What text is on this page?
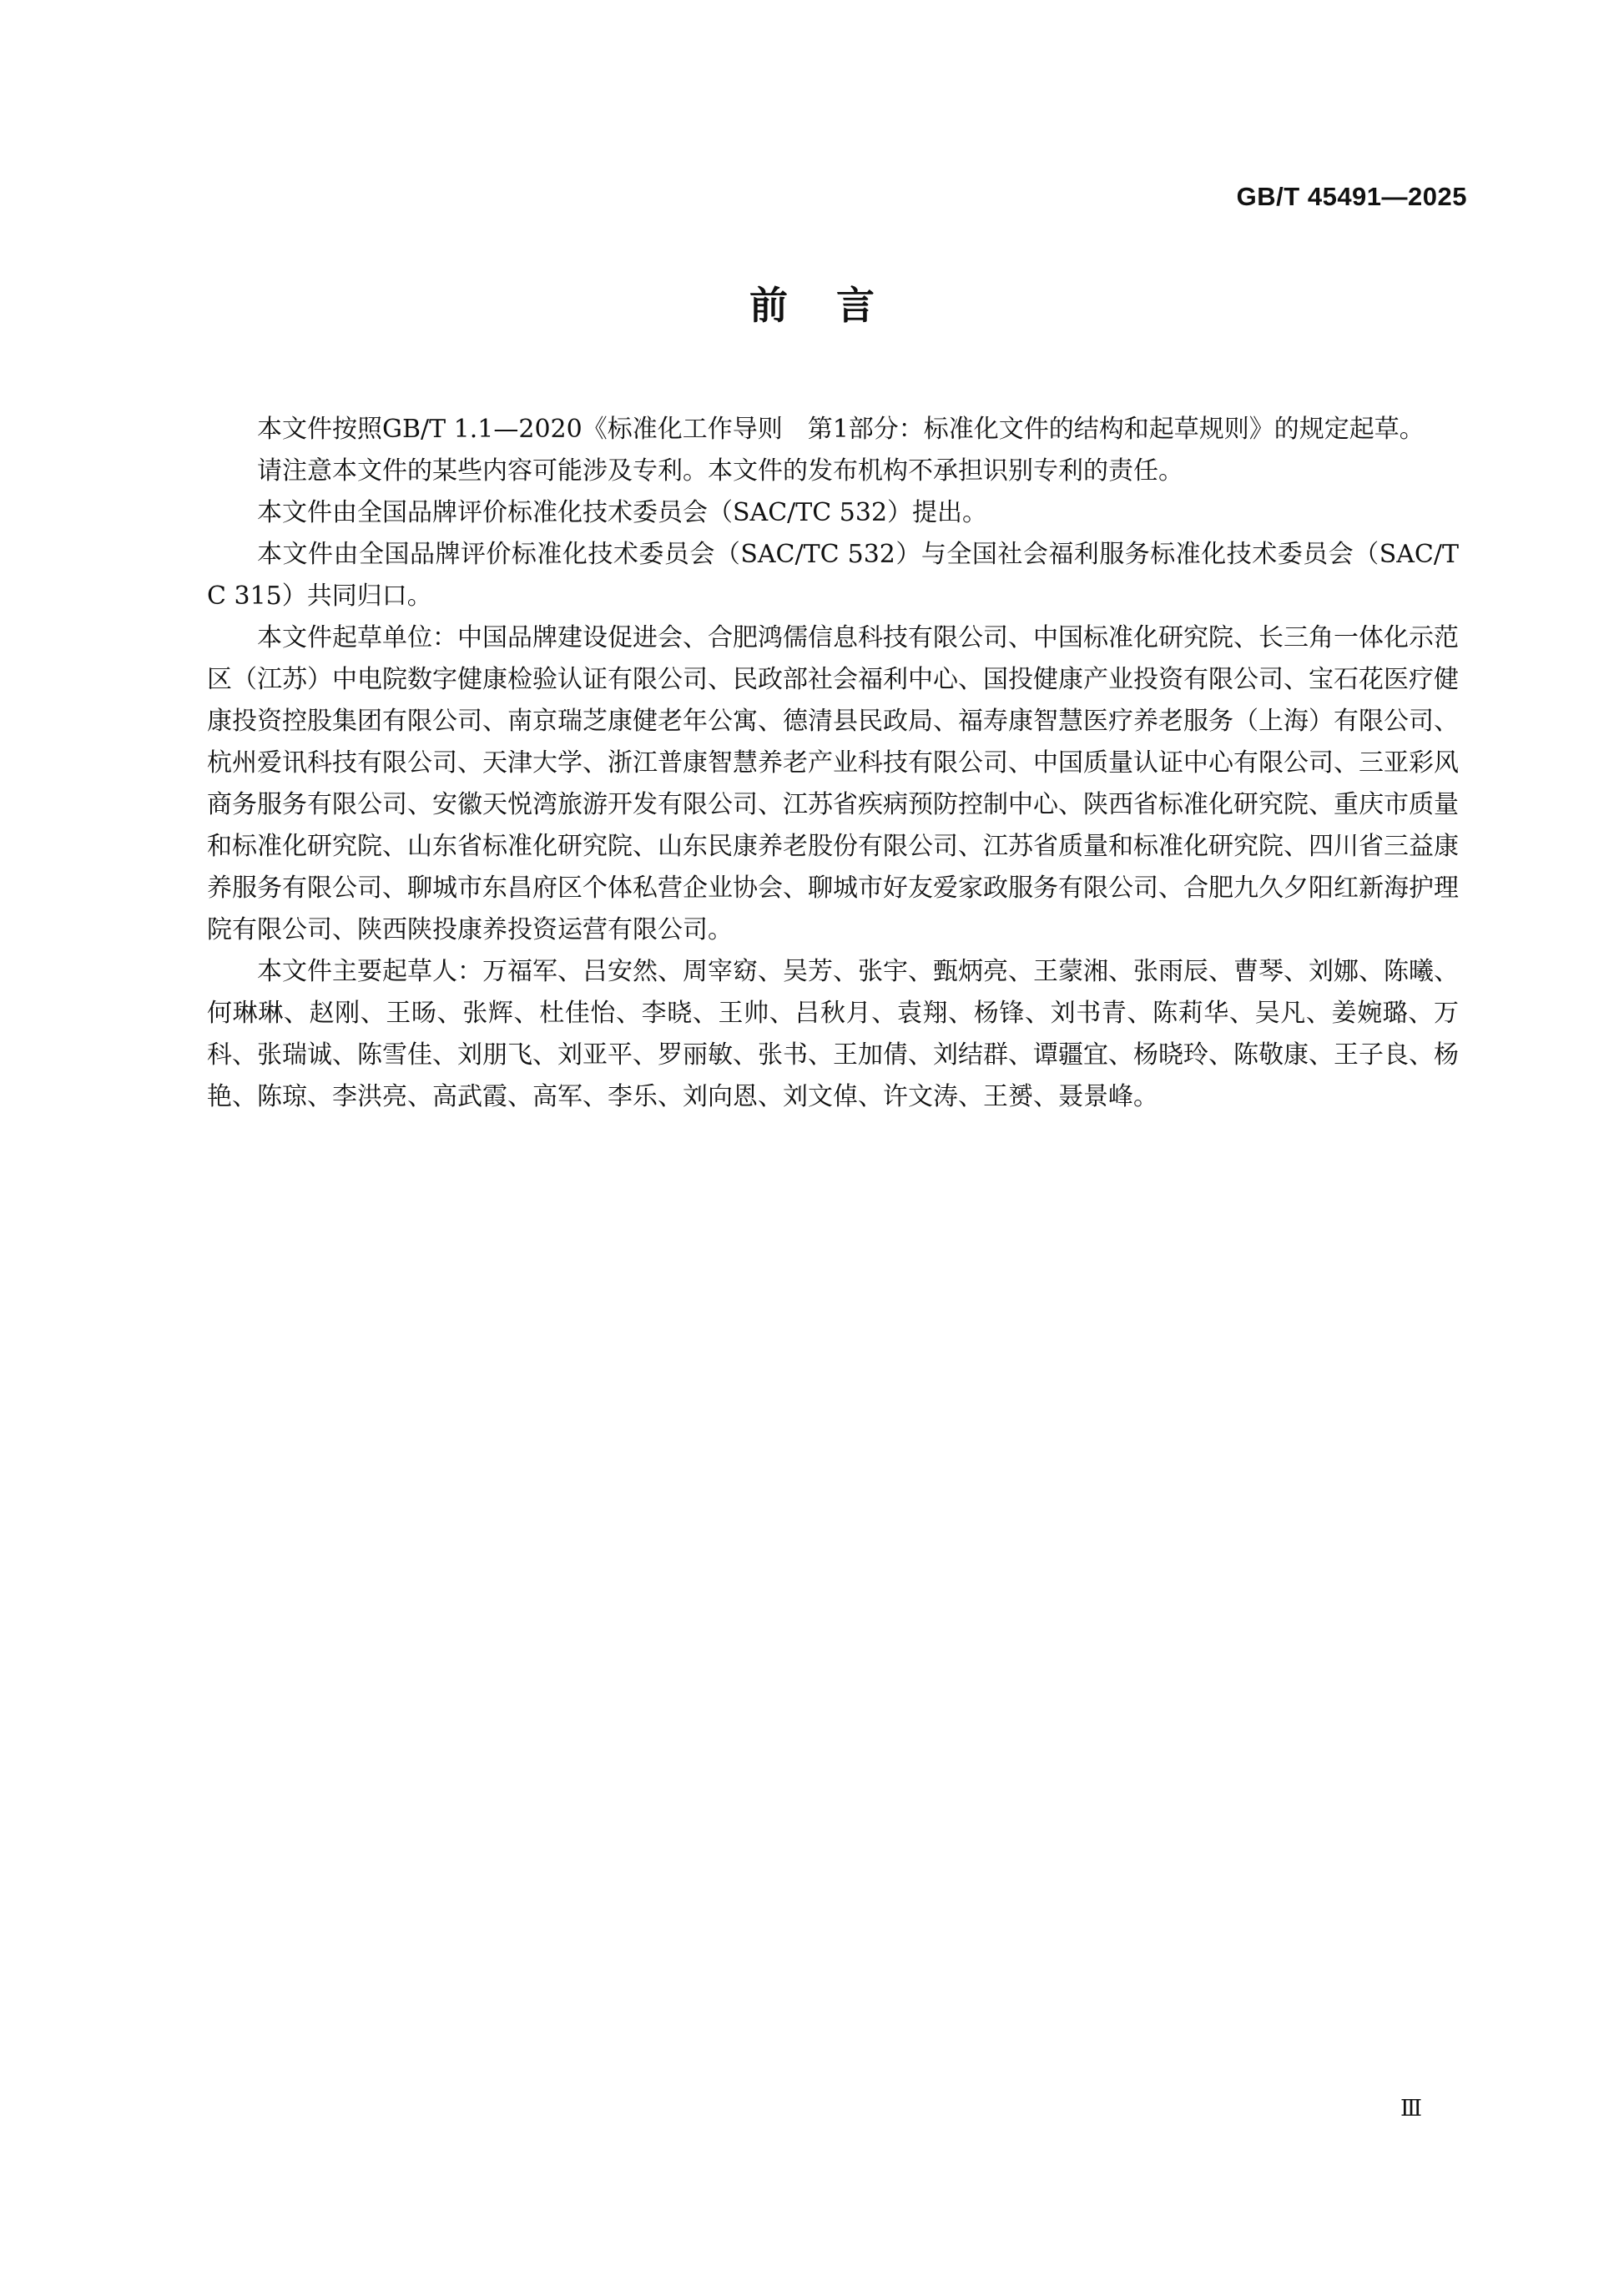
GB/T 45491—2025
前言

本文件按照GB/T 1.1—2020《标准化工作导则　第1部分：标准化文件的结构和起草规则》的规定起草。

请注意本文件的某些内容可能涉及专利。本文件的发布机构不承担识别专利的责任。

本文件由全国品牌评价标准化技术委员会（SAC/TC 532）提出。

本文件由全国品牌评价标准化技术委员会（SAC/TC 532）与全国社会福利服务标准化技术委员会（SAC/TC 315）共同归口。

本文件起草单位：中国品牌建设促进会、合肥鸿儒信息科技有限公司、中国标准化研究院、长三角一体化示范区（江苏）中电院数字健康检验认证有限公司、民政部社会福利中心、国投健康产业投资有限公司、宝石花医疗健康投资控股集团有限公司、南京瑞芝康健老年公寓、德清县民政局、福寿康智慧医疗养老服务（上海）有限公司、杭州爱讯科技有限公司、天津大学、浙江普康智慧养老产业科技有限公司、中国质量认证中心有限公司、三亚彩风商务服务有限公司、安徽天悦湾旅游开发有限公司、江苏省疾病预防控制中心、陕西省标准化研究院、重庆市质量和标准化研究院、山东省标准化研究院、山东民康养老股份有限公司、江苏省质量和标准化研究院、四川省三益康养服务有限公司、聊城市东昌府区个体私营企业协会、聊城市好友爱家政服务有限公司、合肥九久夕阳红新海护理院有限公司、陕西陕投康养投资运营有限公司。

本文件主要起草人：万福军、吕安然、周宰窈、吴芳、张宇、甄炳亮、王蒙湘、张雨辰、曹琴、刘娜、陈曦、何琳琳、赵刚、王旸、张辉、杜佳怡、李晓、王帅、吕秋月、袁翔、杨锋、刘书青、陈莉华、吴凡、姜婉璐、万科、张瑞诚、陈雪佳、刘朋飞、刘亚平、罗丽敏、张书、王加倩、刘结群、谭疆宜、杨晓玲、陈敬康、王子良、杨艳、陈琼、李洪亮、高武霞、高军、李乐、刘向恩、刘文倬、许文涛、王赟、聂景峰。

Ⅲ
